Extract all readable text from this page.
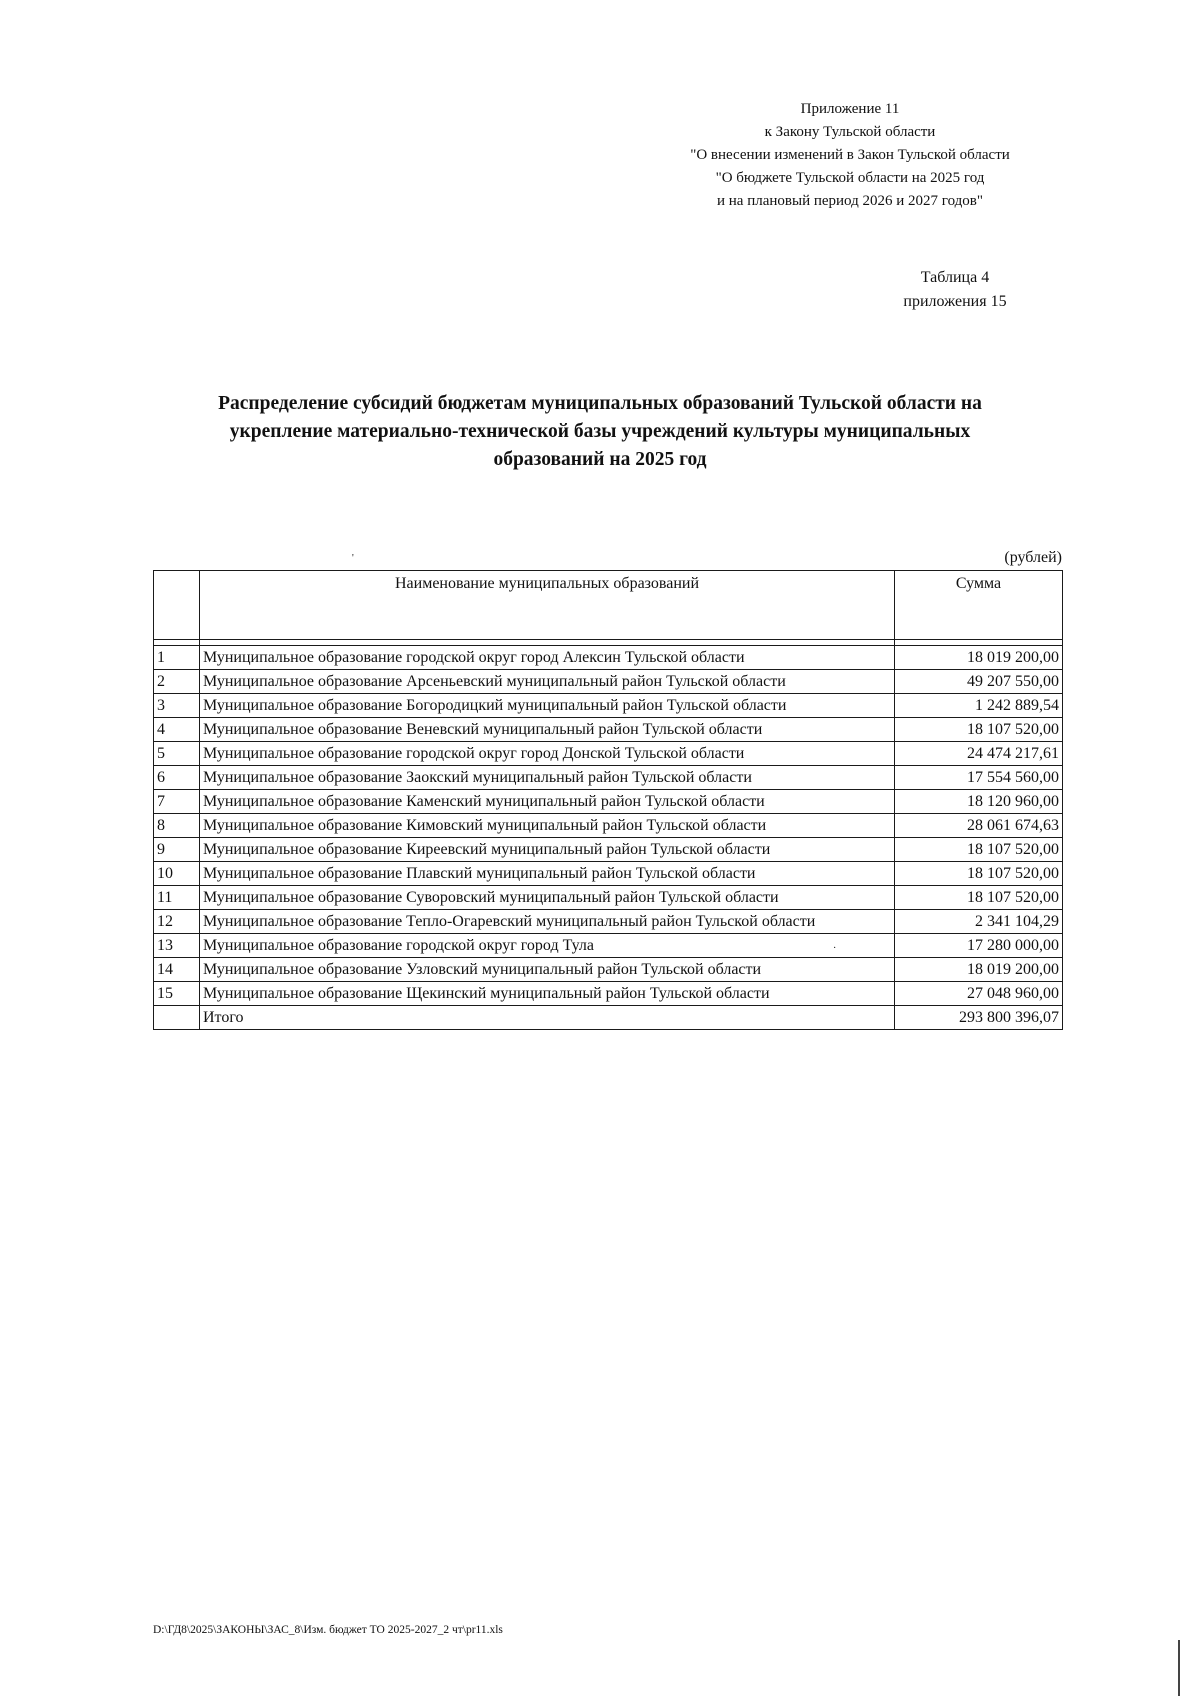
Приложение 11
к Закону Тульской области
"О внесении изменений в Закон Тульской области
"О бюджете Тульской области на 2025 год
и на плановый период 2026 и 2027 годов"
Таблица 4
приложения 15
Распределение субсидий бюджетам муниципальных образований Тульской области на
укрепление материально-технической базы учреждений культуры муниципальных
образований на 2025 год
'	(рублей)
	Наименование муниципальных образований	Сумма

1	Муниципальное образование городской округ город Алексин Тульской области	18 019 200,00
2	Муниципальное образование Арсеньевский муниципальный район Тульской области	49 207 550,00
3	Муниципальное образование Богородицкий муниципальный район Тульской области	1 242 889,54
4	Муниципальное образование Веневский муниципальный район Тульской области	18 107 520,00
5	Муниципальное образование городской округ город Донской Тульской области	24 474 217,61
6	Муниципальное образование Заокский муниципальный район Тульской области	17 554 560,00
7	Муниципальное образование Каменский муниципальный район Тульской области	18 120 960,00
8	Муниципальное образование Кимовский муниципальный район Тульской области	28 061 674,63
9	Муниципальное образование Киреевский муниципальный район Тульской области	18 107 520,00
10	Муниципальное образование Плавский муниципальный район Тульской области	18 107 520,00
11	Муниципальное образование Суворовский муниципальный район Тульской области	18 107 520,00
12	Муниципальное образование Тепло-Огаревский муниципальный район Тульской области	2 341 104,29
13	Муниципальное образование городской округ город Тула	17 280 000,00
14	Муниципальное образование Узловский муниципальный район Тульской области	18 019 200,00
15	Муниципальное образование Щекинский муниципальный район Тульской области	27 048 960,00
	Итого	293 800 396,07
·
D:\ГД8\2025\ЗАКОНЫ\ЗАС_8\Изм. бюджет ТО 2025-2027_2 чт\pr11.xls
